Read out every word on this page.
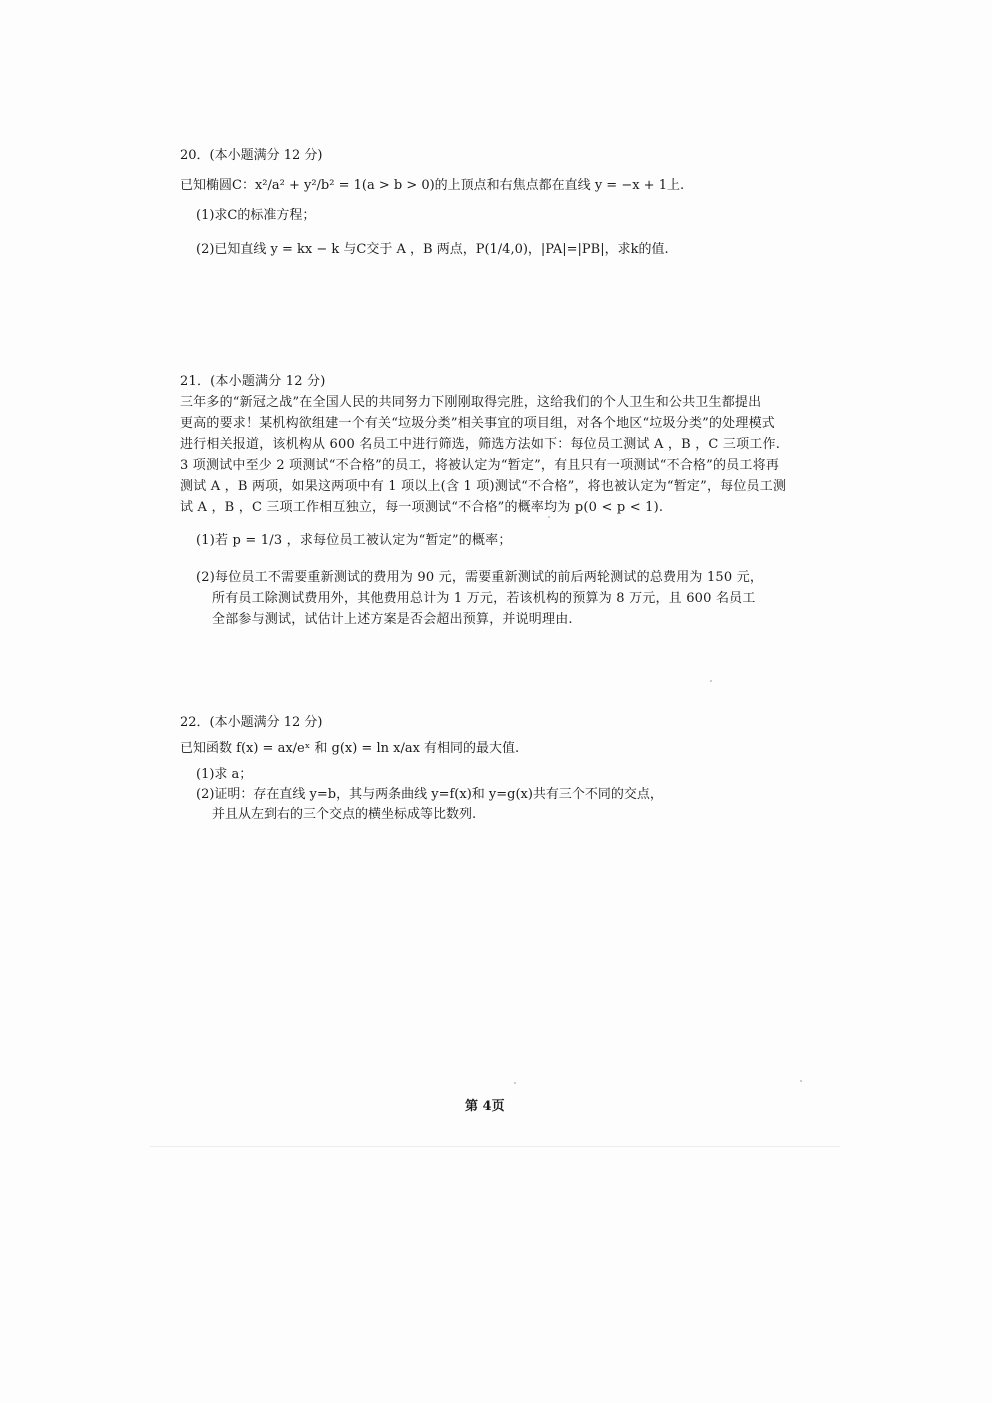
20．(本小题满分 12 分)

已知椭圆C：x²/a² + y²/b² = 1(a > b > 0)的上顶点和右焦点都在直线 y = −x + 1上.

(1)求C的标准方程；

(2)已知直线 y = kx − k 与C交于 A ，B 两点，P(1/4,0)，|PA|=|PB|，求k的值.

21．(本小题满分 12 分)

三年多的“新冠之战”在全国人民的共同努力下刚刚取得完胜，这给我们的个人卫生和公共卫生都提出

更高的要求！某机构欲组建一个有关“垃圾分类”相关事宜的项目组，对各个地区“垃圾分类”的处理模式

进行相关报道，该机构从 600 名员工中进行筛选，筛选方法如下：每位员工测试 A ，B ，C 三项工作.

3 项测试中至少 2 项测试“不合格”的员工，将被认定为“暂定”，有且只有一项测试“不合格”的员工将再

测试 A ，B 两项，如果这两项中有 1 项以上(含 1 项)测试“不合格”，将也被认定为“暂定”，每位员工测

试 A ，B ，C 三项工作相互独立，每一项测试“不合格”的概率均为 p(0 < p < 1).

(1)若 p = 1/3 ，求每位员工被认定为“暂定”的概率；

(2)每位员工不需要重新测试的费用为 90 元，需要重新测试的前后两轮测试的总费用为 150 元，

所有员工除测试费用外，其他费用总计为 1 万元，若该机构的预算为 8 万元，且 600 名员工

全部参与测试，试估计上述方案是否会超出预算，并说明理由.

22．(本小题满分 12 分)

已知函数 f(x) = ax/eˣ 和 g(x) = ln x/ax 有相同的最大值.

(1)求 a；

(2)证明：存在直线 y=b，其与两条曲线 y=f(x)和 y=g(x)共有三个不同的交点，

并且从左到右的三个交点的横坐标成等比数列.

第 4页
